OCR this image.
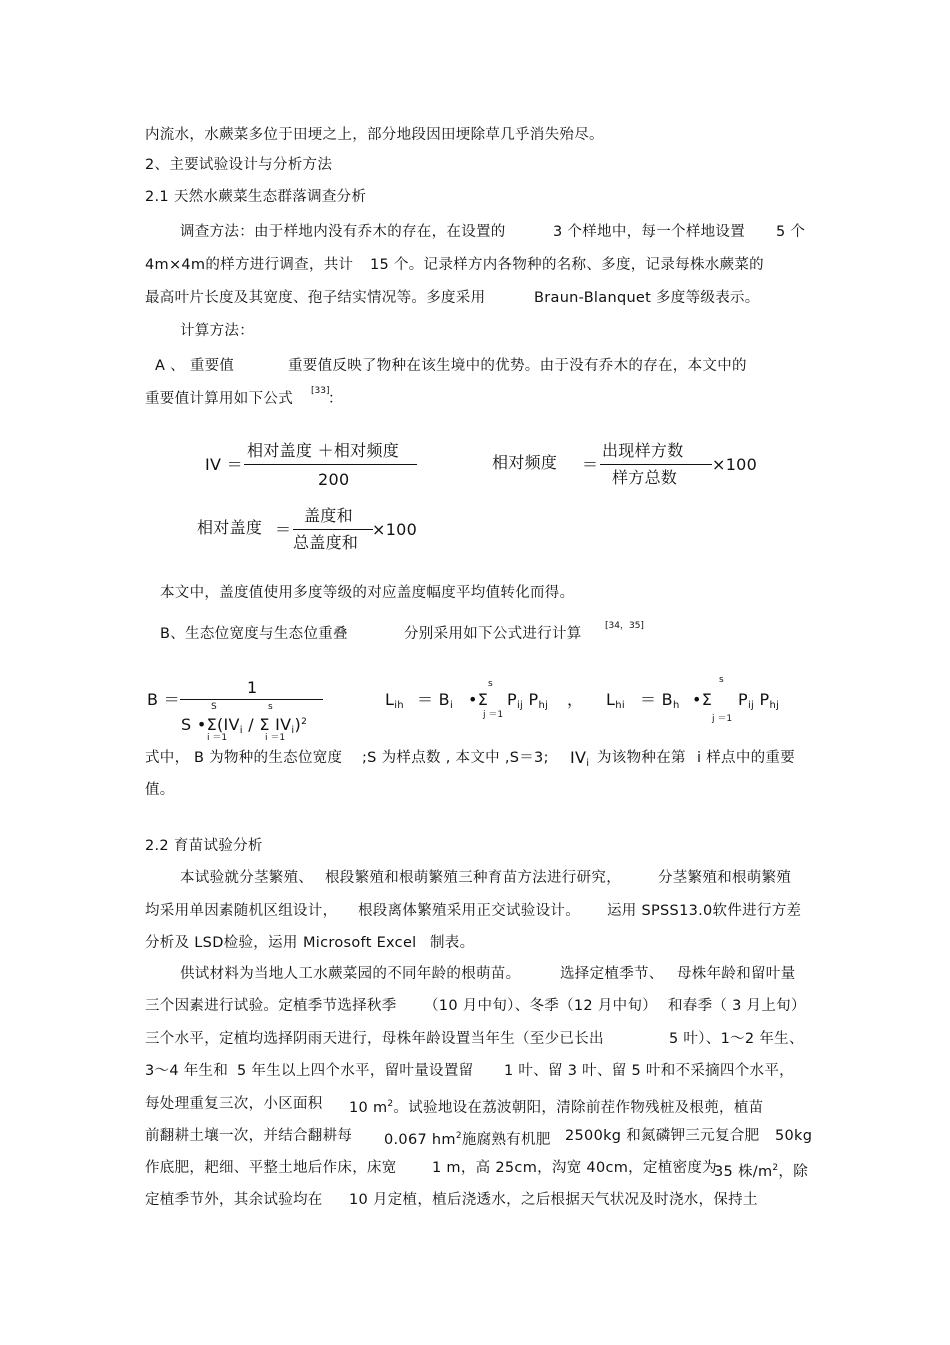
内流水，水蕨菜多位于田埂之上，部分地段因田埂除草几乎消失殆尽。
2、主要试验设计与分析方法
2.1 天然水蕨菜生态群落调查分析
调查方法：由于样地内没有乔木的存在，在设置的	3 个样地中，每一个样地设置 5 个
4m×4m的样方进行调查，共计 15 个。记录样方内各物种的名称、多度，记录每株水蕨菜的
最高叶片长度及其宽度、孢子结实情况等。多度采用	Braun-Blanquet 多度等级表示。
计算方法：
A 、 重要值	重要值反映了物种在该生境中的优势。由于没有乔木的存在，本文中的
重要值计算用如下公式 [33]
：
IV ＝
相对盖度 ＋相对频度
200
相对频度 ＝
出现样方数
样方总数
×100
相对盖度 ＝
盖度和
总盖度和
×100
本文中，盖度值使用多度等级的对应盖度幅度平均值转化而得。
B、生态位宽度与生态位重叠	分别采用如下公式进行计算	[34，35]
B ＝
1
S	s
S $•\Sigma(IV_i$ / Σ $IV_i)^2$
i ＝1	i ＝1
$L_{ih} = B_i$ •Σ
s
j ＝1
$P_{ij}$ $P_{hj}$ ， $L_{hi} = B_h$ •Σ
s
j ＝1
$P_{ij}$ $P_{hj}$
式中， B 为物种的生态位宽度 ;S 为样点数 , 本文中 ,S＝3; $IV_i$ 为该物种在第 i 样点中的重要
值。
2.2 育苗试验分析
本试验就分茎繁殖、 根段繁殖和根萌繁殖三种育苗方法进行研究，	分茎繁殖和根萌繁殖
均采用单因素随机区组设计， 根段离体繁殖采用正交试验设计。 运用 SPSS13.0软件进行方差
分析及 LSD检验，运用 Microsoft Excel 制表。
供试材料为当地人工水蕨菜园的不同年龄的根萌苗。	选择定植季节、 母株年龄和留叶量
三个因素进行试验。定植季节选择秋季 （10 月中旬）、冬季（12 月中旬） 和春季（ 3 月上旬）
三个水平，定植均选择阴雨天进行，母株年龄设置当年生（至少已长出	5 叶）、1～2 年生、
3～4 年生和 5 年生以上四个水平，留叶量设置留 1 叶、留 3 叶、留 5 叶和不采摘四个水平，
每处理重复三次，小区面积 10 $m^2$。试验地设在荔波朝阳，清除前茬作物残桩及根蔸，植苗
前翻耕土壤一次，并结合翻耕每 0.067 $hm^2$施腐熟有机肥 2500kg 和氮磷钾三元复合肥 50kg
作底肥，耙细、平整土地后作床，床宽 1 m，高 25cm，沟宽 40cm，定植密度为
35 株$/m^2$，除
定植季节外，其余试验均在 10 月定植，植后浇透水，之后根据天气状况及时浇水，保持土
